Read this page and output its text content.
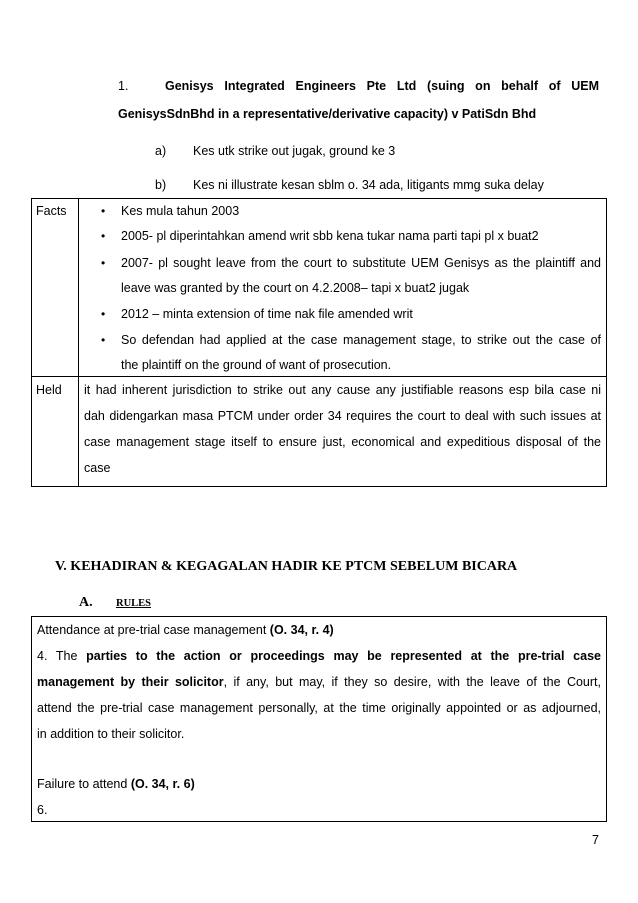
1.	Genisys Integrated Engineers Pte Ltd (suing on behalf of UEM
GenisysSdnBhd in a representative/derivative capacity) v PatiSdn Bhd
a) Kes utk strike out jugak, ground ke 3
b) Kes ni illustrate kesan sblm o. 34 ada, litigants mmg suka delay
Facts	• Kes mula tahun 2003
• 2005- pl diperintahkan amend writ sbb kena tukar nama parti tapi pl x buat2
• 2007- pl sought leave from the court to substitute UEM Genisys as the plaintiff and
leave was granted by the court on 4.2.2008– tapi x buat2 jugak
• 2012 – minta extension of time nak file amended writ
• So defendan had applied at the case management stage, to strike out the case of
the plaintiff on the ground of want of prosecution.
Held it had inherent jurisdiction to strike out any cause any justifiable reasons esp bila case ni
dah didengarkan masa PTCM under order 34 requires the court to deal with such issues at
case management stage itself to ensure just, economical and expeditious disposal of the
case
V. KEHADIRAN & KEGAGALAN HADIR KE PTCM SEBELUM BICARA
A. RULES
Attendance at pre-trial case management (O. 34, r. 4)
4. The parties to the action or proceedings may be represented at the pre-trial case
management by their solicitor, if any, but may, if they so desire, with the leave of the Court,
attend the pre-trial case management personally, at the time originally appointed or as adjourned,
in addition to their solicitor.
Failure to attend (O. 34, r. 6)
6.
7
